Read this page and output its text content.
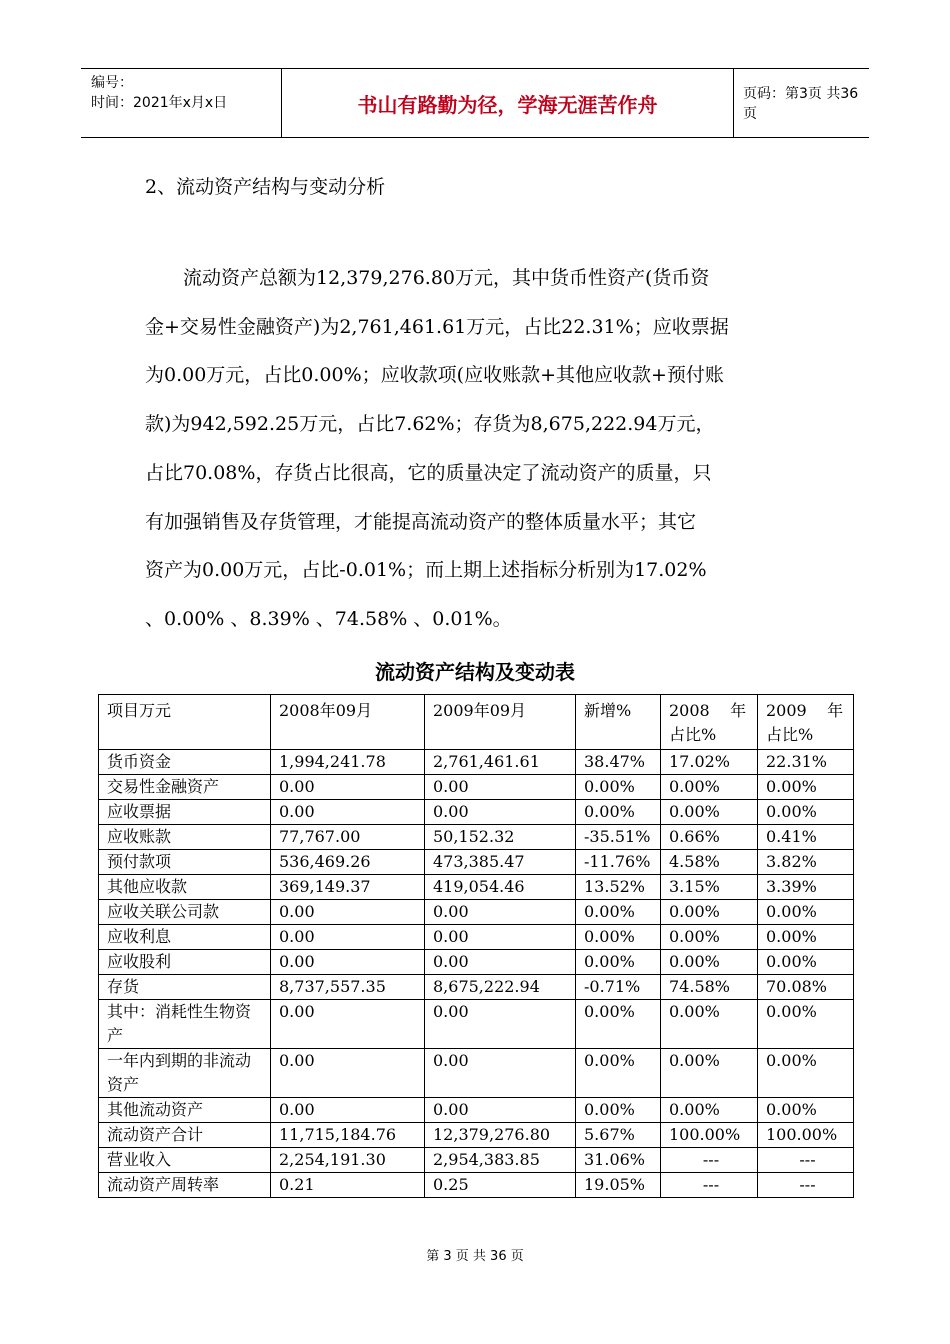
编号：
时间：2021年x月x日	书山有路勤为径，学海无涯苦作舟	页码：第3页 共36页
2、流动资产结构与变动分析
流动资产总额为12,379,276.80万元，其中货币性资产(货币资
金+交易性金融资产)为2,761,461.61万元，占比22.31%；应收票据
为0.00万元，占比0.00%；应收款项(应收账款+其他应收款+预付账
款)为942,592.25万元，占比7.62%；存货为8,675,222.94万元，
占比70.08%，存货占比很高，它的质量决定了流动资产的质量，只
有加强销售及存货管理，才能提高流动资产的整体质量水平；其它
资产为0.00万元，占比-0.01%；而上期上述指标分析别为17.02%
、0.00% 、8.39% 、74.58% 、0.01%。
流动资产结构及变动表
项目万元	2008年09月	2009年09月	新增%	2008    年占比%	2009    年占比%
货币资金	1,994,241.78	2,761,461.61	38.47%	17.02%	22.31%
交易性金融资产	0.00	0.00	0.00%	0.00%	0.00%
应收票据	0.00	0.00	0.00%	0.00%	0.00%
应收账款	77,767.00	50,152.32	-35.51%	0.66%	0.41%
预付款项	536,469.26	473,385.47	-11.76%	4.58%	3.82%
其他应收款	369,149.37	419,054.46	13.52%	3.15%	3.39%
应收关联公司款	0.00	0.00	0.00%	0.00%	0.00%
应收利息	0.00	0.00	0.00%	0.00%	0.00%
应收股利	0.00	0.00	0.00%	0.00%	0.00%
存货	8,737,557.35	8,675,222.94	-0.71%	74.58%	70.08%
其中：消耗性生物资产	0.00	0.00	0.00%	0.00%	0.00%
一年内到期的非流动资产	0.00	0.00	0.00%	0.00%	0.00%
其他流动资产	0.00	0.00	0.00%	0.00%	0.00%
流动资产合计	11,715,184.76	12,379,276.80	5.67%	100.00%	100.00%
营业收入	2,254,191.30	2,954,383.85	31.06%	---	---
流动资产周转率	0.21	0.25	19.05%	---	---
第 3 页 共 36 页
